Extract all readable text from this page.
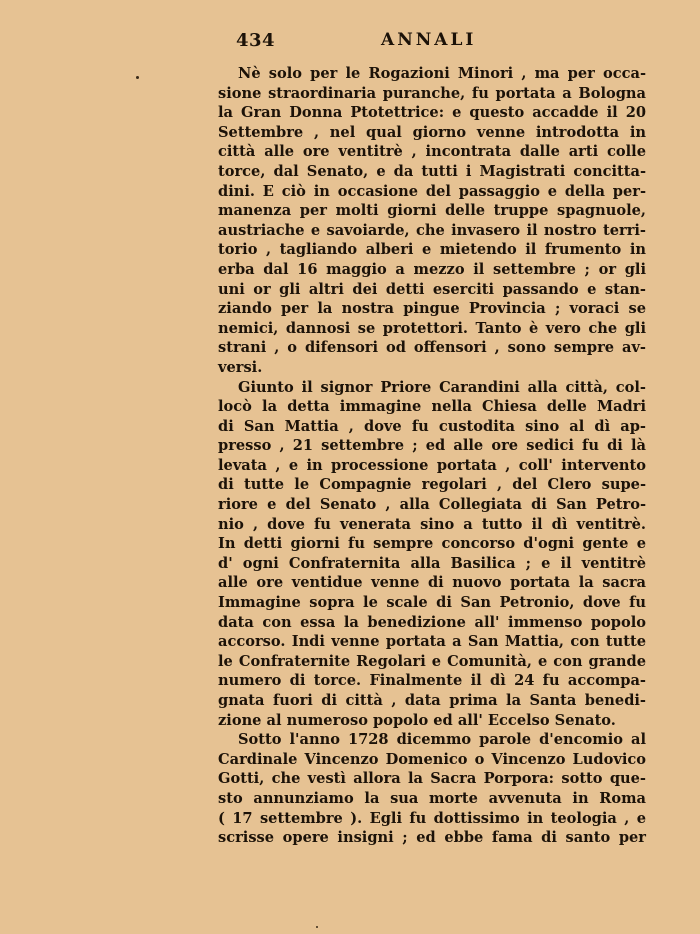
434	ANNALI
Nè solo per le Rogazioni Minori , ma per occa-
sione straordinaria puranche, fu portata a Bologna
la Gran Donna Ptotettrice: e questo accadde il 20
Settembre , nel qual giorno venne introdotta in
città alle ore ventitrè , incontrata dalle arti colle
torce, dal Senato, e da tutti i Magistrati concitta-
dini. E ciò in occasione del passaggio e della per-
manenza per molti giorni delle truppe spagnuole,
austriache e savoiarde, che invasero il nostro terri-
torio , tagliando alberi e mietendo il frumento in
erba dal 16 maggio a mezzo il settembre ; or gli
uni or gli altri dei detti eserciti passando e stan-
ziando per la nostra pingue Provincia ; voraci se
nemici, dannosi se protettori. Tanto è vero che gli
strani , o difensori od offensori , sono sempre av-
versi.
Giunto il signor Priore Carandini alla città, col-
locò la detta immagine nella Chiesa delle Madri
di San Mattia , dove fu custodita sino al dì ap-
presso , 21 settembre ; ed alle ore sedici fu di là
levata , e in processione portata , coll' intervento
di tutte le Compagnie regolari , del Clero supe-
riore e del Senato , alla Collegiata di San Petro-
nio , dove fu venerata sino a tutto il dì ventitrè.
In detti giorni fu sempre concorso d'ogni gente e
d' ogni Confraternita alla Basilica ; e il ventitrè
alle ore ventidue venne di nuovo portata la sacra
Immagine sopra le scale di San Petronio, dove fu
data con essa la benedizione all' immenso popolo
accorso. Indi venne portata a San Mattia, con tutte
le Confraternite Regolari e Comunità, e con grande
numero di torce. Finalmente il dì 24 fu accompa-
gnata fuori di città , data prima la Santa benedi-
zione al numeroso popolo ed all' Eccelso Senato.
Sotto l'anno 1728 dicemmo parole d'encomio al
Cardinale Vincenzo Domenico o Vincenzo Ludovico
Gotti, che vestì allora la Sacra Porpora: sotto que-
sto annunziamo la sua morte avvenuta in Roma
( 17 settembre ). Egli fu dottissimo in teologia , e
scrisse opere insigni ; ed ebbe fama di santo per
